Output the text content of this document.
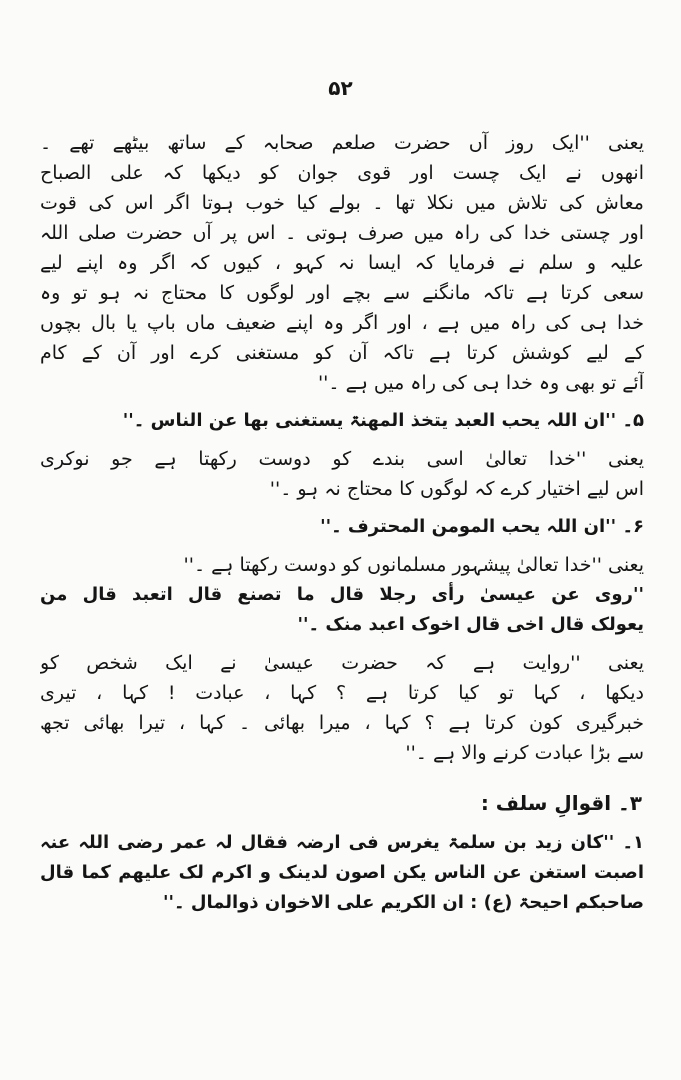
۵۲
یعنی ''ایک روز آں حضرت صلعم صحابہ کے ساتھ بیٹھے تھے ۔
انھوں نے ایک چست اور قوی جوان کو دیکھا کہ علی الصباح
معاش کی تلاش میں نکلا تھا ۔ بولے کیا خوب ہوتا اگر اس کی قوت
اور چستی خدا کی راہ میں صرف ہوتی ۔ اس پر آں حضرت صلی اللہ
علیہ و سلم نے فرمایا کہ ایسا نہ کہو ، کیوں کہ اگر وہ اپنے لیے
سعی کرتا ہے تاکہ مانگنے سے بچے اور لوگوں کا محتاج نہ ہو تو وہ
خدا ہی کی راہ میں ہے ، اور اگر وہ اپنے ضعیف ماں باپ یا بال بچوں
کے لیے کوشش کرتا ہے تاکہ آن کو مستغنی کرے اور آن کے کام
آئے تو بھی وہ خدا ہی کی راہ میں ہے ۔''
۵۔ ''ان اللہ یحب العبد یتخذ المھنۃ یستغنی بھا عن الناس ۔''
یعنی ''خدا تعالیٰ اسی بندے کو دوست رکھتا ہے جو نوکری
اس لیے اختیار کرے کہ لوگوں کا محتاج نہ ہو ۔''
۶۔ ''ان اللہ یحب المومن المحترف ۔''
یعنی ''خدا تعالیٰ پیشہور مسلمانوں کو دوست رکھتا ہے ۔''
''روی عن عیسیٰ رأی رجلا قال ما تصنع قال اتعبد قال من
یعولک قال اخی قال اخوک اعبد منک ۔''
یعنی ''روایت ہے کہ حضرت عیسیٰ نے ایک شخص کو
دیکھا ، کہا تو کیا کرتا ہے ؟ کہا ، عبادت ! کہا ، تیری
خبرگیری کون کرتا ہے ؟ کہا ، میرا بھائی ۔ کہا ، تیرا بھائی تجھ
سے بڑا عبادت کرنے والا ہے ۔''
۳۔ اقوالِ سلف :
۱۔ ''کان زید بن سلمۃ یغرس فی ارضہ فقال لہ عمر رضی اللہ عنہ
اصبت استغن عن الناس یکن اصون لدینک و اکرم لک علیھم کما قال
صاحبکم احیحۃ (ع) : ان الکریم علی الاخوان ذوالمال ۔''
